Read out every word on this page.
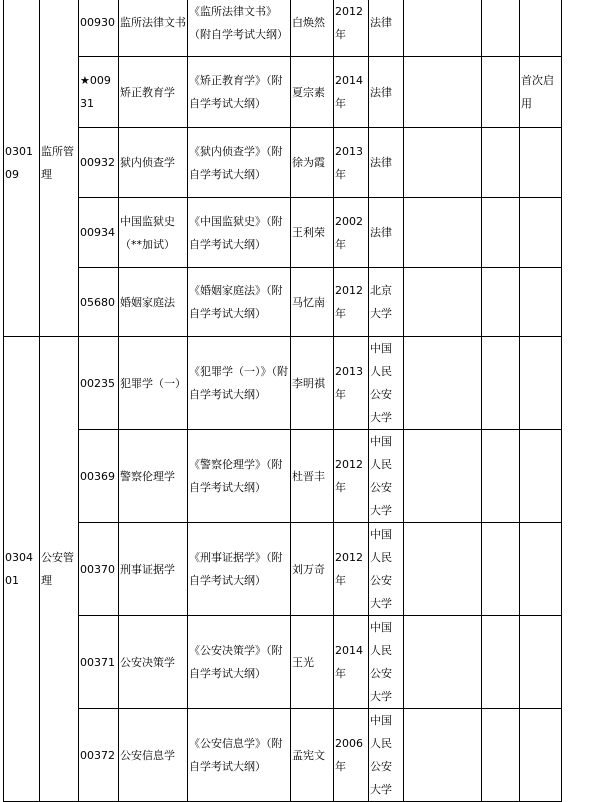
030109	监所管理	00930	监所法律文书	《监所法律文书》（附自学考试大纲）	白焕然	2012年	法律			
		★00931	矫正教育学	《矫正教育学》（附自学考试大纲）	夏宗素	2014年	法律			首次启用
		00932	狱内侦查学	《狱内侦查学》（附自学考试大纲）	徐为霞	2013年	法律			
		00934	中国监狱史（**加试）	《中国监狱史》（附自学考试大纲）	王利荣	2002年	法律			
		05680	婚姻家庭法	《婚姻家庭法》（附自学考试大纲）	马忆南	2012年	北京大学			
030401	公安管理	00235	犯罪学（一）	《犯罪学（一）》（附自学考试大纲）	李明祺	2013年	中国人民公安大学			
		00369	警察伦理学	《警察伦理学》（附自学考试大纲）	杜晋丰	2012年	中国人民公安大学			
		00370	刑事证据学	《刑事证据学》（附自学考试大纲）	刘万奇	2012年	中国人民公安大学			
		00371	公安决策学	《公安决策学》（附自学考试大纲）	王光	2014年	中国人民公安大学			
		00372	公安信息学	《公安信息学》（附自学考试大纲）	孟宪文	2006年	中国人民公安大学			
